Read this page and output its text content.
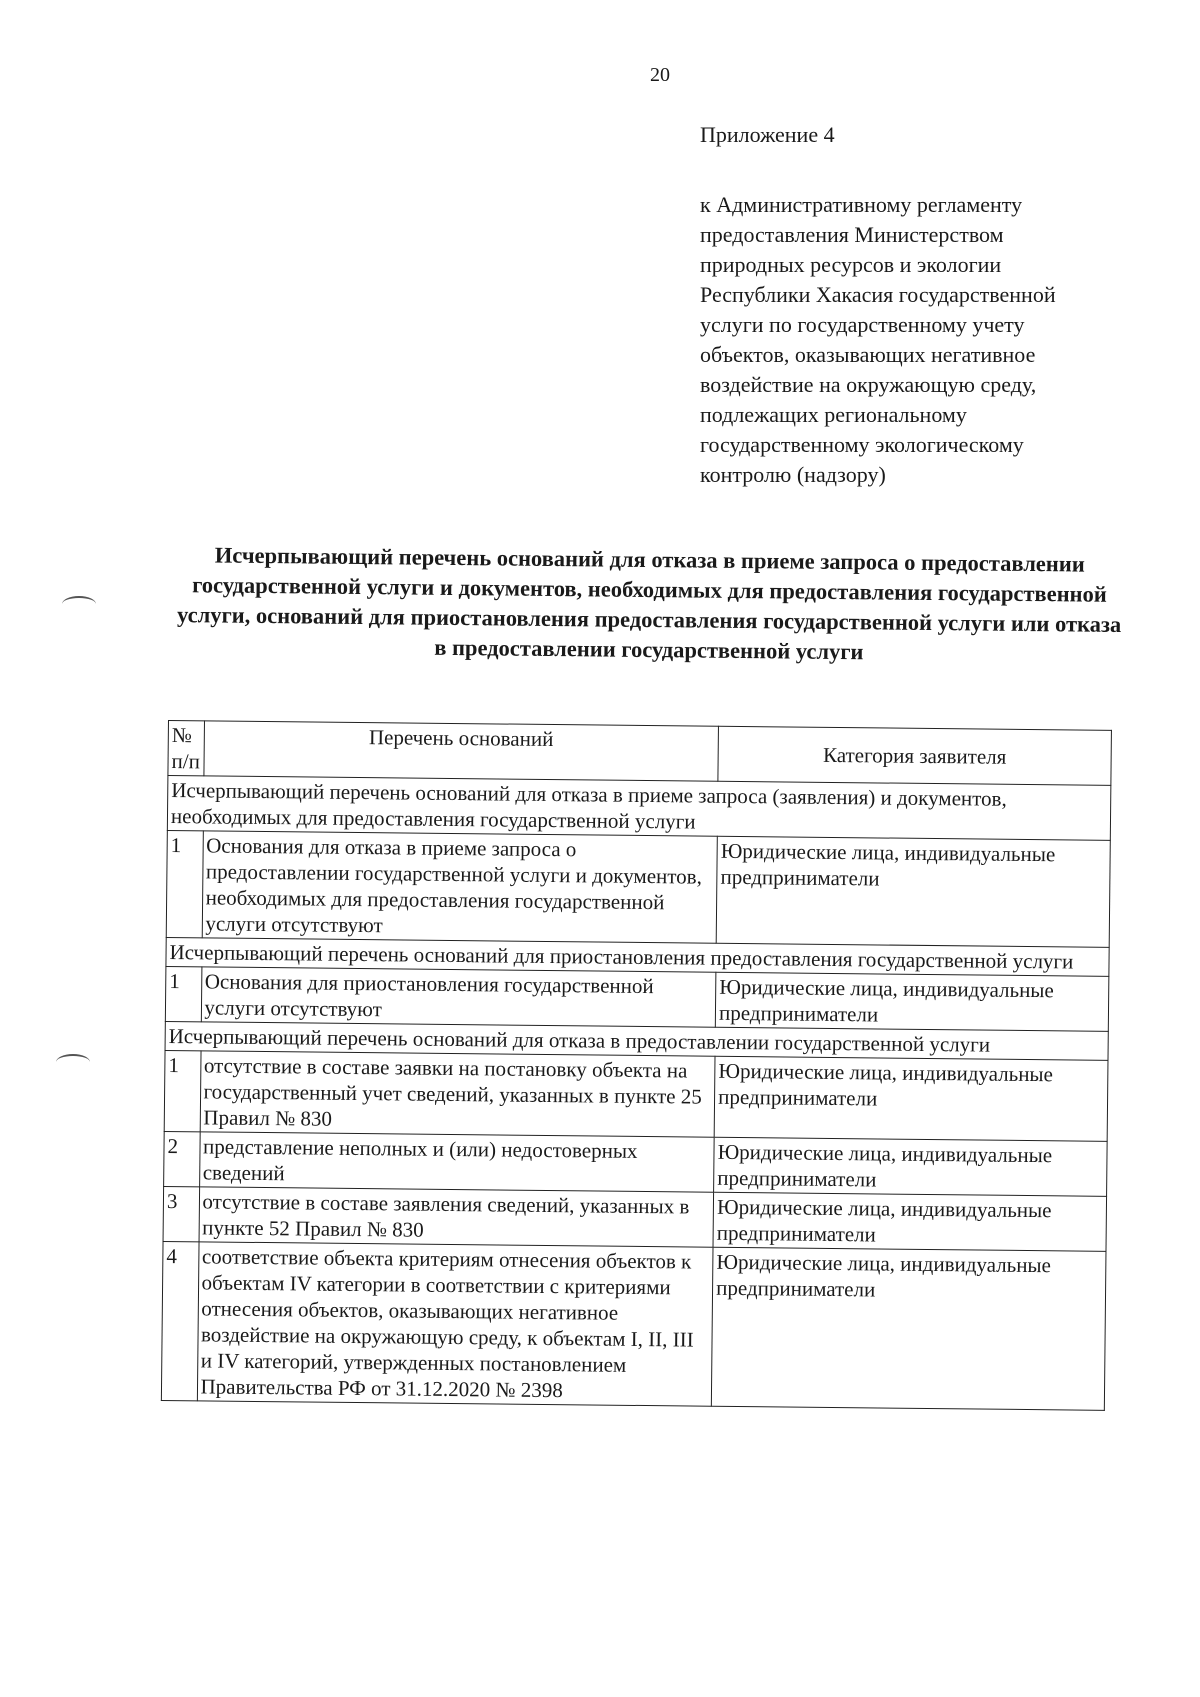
20
Приложение 4
к Административному регламенту
предоставления Министерством
природных ресурсов и экологии
Республики Хакасия государственной
услуги по государственному учету
объектов, оказывающих негативное
воздействие на окружающую среду,
подлежащих региональному
государственному экологическому
контролю (надзору)
Исчерпывающий перечень оснований для отказа в приеме запроса о предоставлении государственной услуги и документов, необходимых для предоставления государственной услуги, оснований для приостановления предоставления государственной услуги или отказа в предоставлении государственной услуги
№ п/п	Перечень оснований	Категория заявителя
Исчерпывающий перечень оснований для отказа в приеме запроса (заявления) и документов, необходимых для предоставления государственной услуги		
1	Основания для отказа в приеме запроса о предоставлении государственной услуги и документов, необходимых для предоставления государственной услуги отсутствуют	Юридические лица, индивидуальные предприниматели
Исчерпывающий перечень оснований для приостановления предоставления государственной услуги		
1	Основания для приостановления государственной услуги отсутствуют	Юридические лица, индивидуальные предприниматели
Исчерпывающий перечень оснований для отказа в предоставлении государственной услуги		
1	отсутствие в составе заявки на постановку объекта на государственный учет сведений, указанных в пункте 25 Правил № 830	Юридические лица, индивидуальные предприниматели
2	представление неполных и (или) недостоверных сведений	Юридические лица, индивидуальные предприниматели
3	отсутствие в составе заявления сведений, указанных в пункте 52 Правил № 830	Юридические лица, индивидуальные предприниматели
4	соответствие объекта критериям отнесения объектов к объектам IV категории в соответствии с критериями отнесения объектов, оказывающих негативное воздействие на окружающую среду, к объектам I, II, III и IV категорий, утвержденных постановлением Правительства РФ от 31.12.2020 № 2398	Юридические лица, индивидуальные предприниматели
